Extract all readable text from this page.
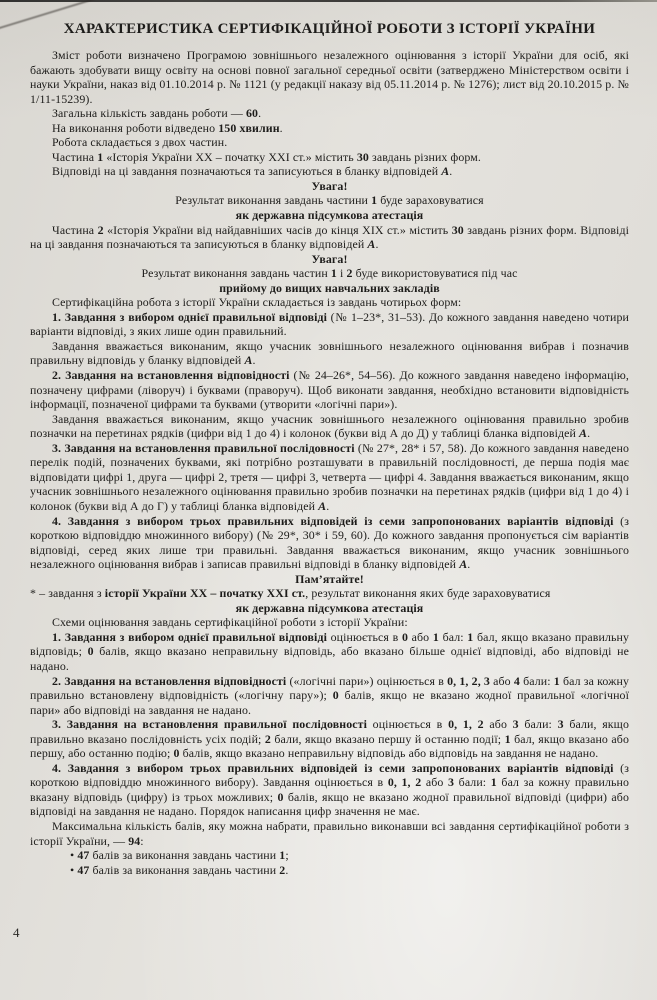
ХАРАКТЕРИСТИКА СЕРТИФІКАЦІЙНОЇ РОБОТИ З ІСТОРІЇ УКРАЇНИ

Зміст роботи визначено Програмою зовнішнього незалежного оцінювання з історії України для осіб, які бажають здобувати вищу освіту на основі повної загальної середньої освіти (затверджено Міністерством освіти і науки України, наказ від 01.10.2014 р. № 1121 (у редакції наказу від 05.11.2014 р. № 1276); лист від 20.10.2015 р. № 1/11-15239).

Загальна кількість завдань роботи — 60.

На виконання роботи відведено 150 хвилин.

Робота складається з двох частин.

Частина 1 «Історія України ХХ – початку ХХІ ст.» містить 30 завдань різних форм.

Відповіді на ці завдання позначаються та записуються в бланку відповідей А.

Увага!

Результат виконання завдань частини 1 буде зараховуватися

як державна підсумкова атестація

Частина 2 «Історія України від найдавніших часів до кінця ХІХ ст.» містить 30 завдань різних форм. Відповіді на ці завдання позначаються та записуються в бланку відповідей А.

Увага!

Результат виконання завдань частин 1 і 2 буде використовуватися під час

прийому до вищих навчальних закладів

Сертифікаційна робота з історії України складається із завдань чотирьох форм:

1. Завдання з вибором однієї правильної відповіді (№ 1–23*, 31–53). До кожного завдання наведено чотири варіанти відповіді, з яких лише один правильний.

Завдання вважається виконаним, якщо учасник зовнішнього незалежного оцінювання вибрав і позначив правильну відповідь у бланку відповідей А.

2. Завдання на встановлення відповідності (№ 24–26*, 54–56). До кожного завдання наведено інформацію, позначену цифрами (ліворуч) і буквами (праворуч). Щоб виконати завдання, необхідно встановити відповідність інформації, позначеної цифрами та буквами (утворити «логічні пари»).

Завдання вважається виконаним, якщо учасник зовнішнього незалежного оцінювання правильно зробив позначки на перетинах рядків (цифри від 1 до 4) і колонок (букви від А до Д) у таблиці бланка відповідей А.

3. Завдання на встановлення правильної послідовності (№ 27*, 28* і 57, 58). До кожного завдання наведено перелік подій, позначених буквами, які потрібно розташувати в правильній послідовності, де перша подія має відповідати цифрі 1, друга — цифрі 2, третя — цифрі 3, четверта — цифрі 4. Завдання вважається виконаним, якщо учасник зовнішнього незалежного оцінювання правильно зробив позначки на перетинах рядків (цифри від 1 до 4) і колонок (букви від А до Г) у таблиці бланка відповідей А.

4. Завдання з вибором трьох правильних відповідей із семи запропонованих варіантів відповіді (з короткою відповіддю множинного вибору) (№ 29*, 30* і 59, 60). До кожного завдання пропонується сім варіантів відповіді, серед яких лише три правильні. Завдання вважається виконаним, якщо учасник зовнішнього незалежного оцінювання вибрав і записав правильні відповіді в бланку відповідей А.

Пам’ятайте!

* – завдання з історії України ХХ – початку ХХІ ст., результат виконання яких буде зараховуватися

як державна підсумкова атестація

Схеми оцінювання завдань сертифікаційної роботи з історії України:

1. Завдання з вибором однієї правильної відповіді оцінюється в 0 або 1 бал: 1 бал, якщо вказано правильну відповідь; 0 балів, якщо вказано неправильну відповідь, або вказано більше однієї відповіді, або відповіді не надано.

2. Завдання на встановлення відповідності («логічні пари») оцінюється в 0, 1, 2, 3 або 4 бали: 1 бал за кожну правильно встановлену відповідність («логічну пару»); 0 балів, якщо не вказано жодної правильної «логічної пари» або відповіді на завдання не надано.

3. Завдання на встановлення правильної послідовності оцінюється в 0, 1, 2 або 3 бали: 3 бали, якщо правильно вказано послідовність усіх подій; 2 бали, якщо вказано першу й останню події; 1 бал, якщо вказано або першу, або останню подію; 0 балів, якщо вказано неправильну відповідь або відповідь на завдання не надано.

4. Завдання з вибором трьох правильних відповідей із семи запропонованих варіантів відповіді (з короткою відповіддю множинного вибору). Завдання оцінюється в 0, 1, 2 або 3 бали: 1 бал за кожну правильно вказану відповідь (цифру) із трьох можливих; 0 балів, якщо не вказано жодної правильної відповіді (цифри) або відповіді на завдання не надано. Порядок написання цифр значення не має.

Максимальна кількість балів, яку можна набрати, правильно виконавши всі завдання сертифікаційної роботи з історії України, — 94:

• 47 балів за виконання завдань частини 1;

• 47 балів за виконання завдань частини 2.

4
